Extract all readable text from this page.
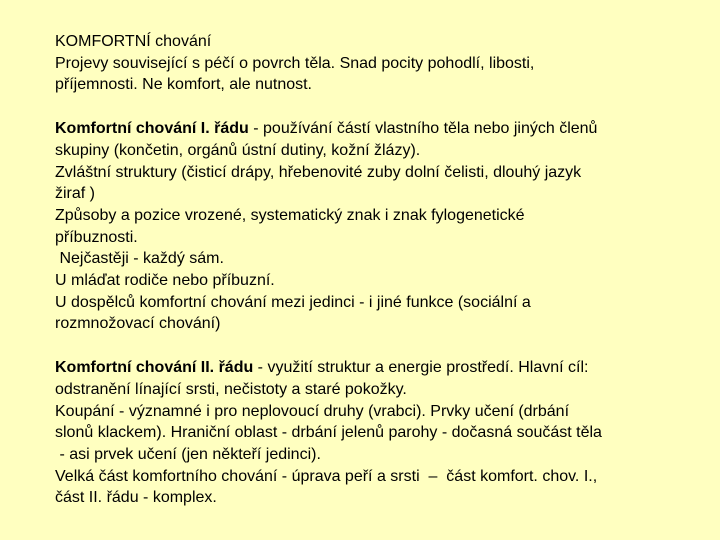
KOMFORTNÍ chování
Projevy související s péčí o povrch těla. Snad pocity pohodlí, libosti,
příjemnosti. Ne komfort, ale nutnost.
Komfortní chování I. řádu - používání částí vlastního těla nebo jiných členů
skupiny (končetin, orgánů ústní dutiny, kožní žlázy).
Zvláštní struktury (čisticí drápy, hřebenovité zuby dolní čelisti, dlouhý jazyk
žiraf )
Způsoby a pozice vrozené, systematický znak i znak fylogenetické
příbuznosti.
Nejčastěji - každý sám.
U mláďat rodiče nebo příbuzní.
U dospělců komfortní chování mezi jedinci - i jiné funkce (sociální a
rozmnožovací chování)
Komfortní chování II. řádu - využití struktur a energie prostředí. Hlavní cíl:
odstranění línající srsti, nečistoty a staré pokožky.
Koupání - významné i pro neplovoucí druhy (vrabci). Prvky učení (drbání
slonů klackem). Hraniční oblast - drbání jelenů parohy - dočasná součást těla
- asi prvek učení (jen někteří jedinci).
Velká část komfortního chování - úprava peří a srsti  –  část komfort. chov. I.,
část II. řádu - komplex.
